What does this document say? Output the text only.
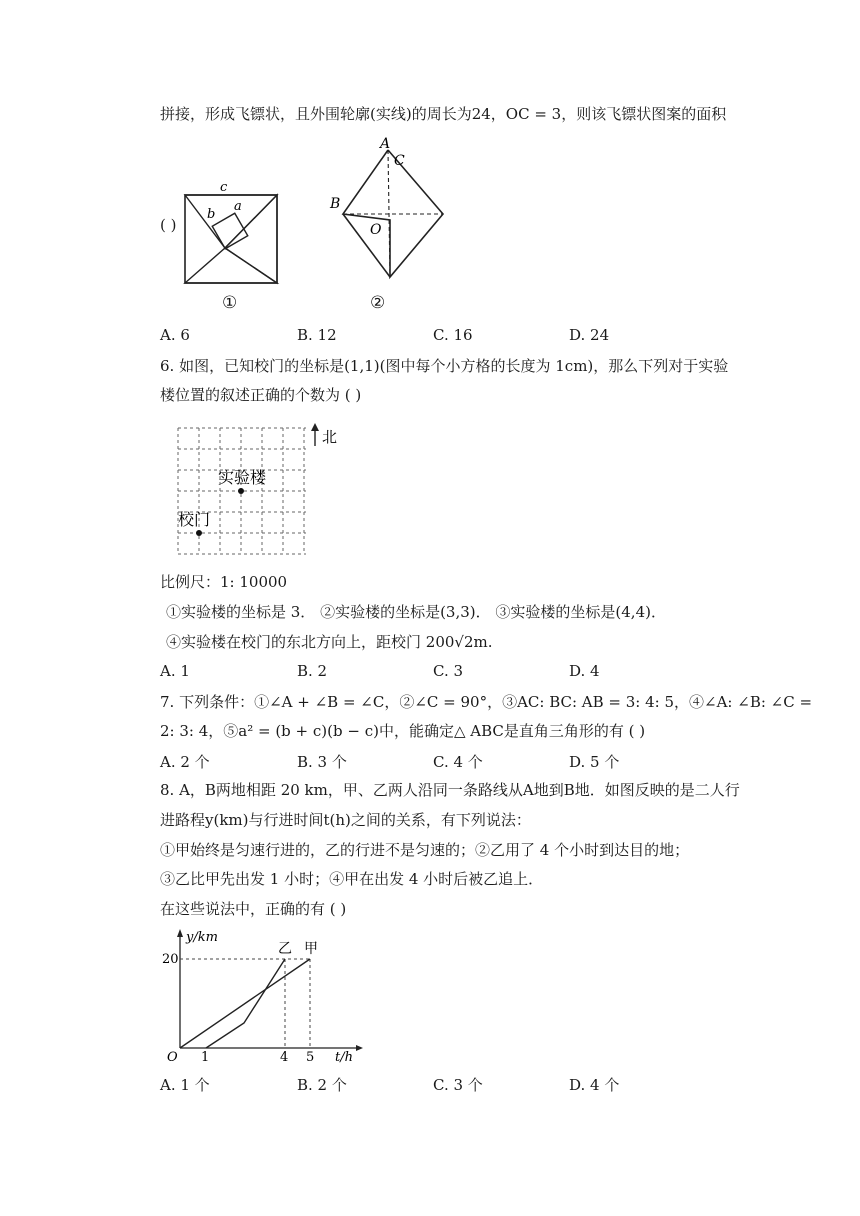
拼接，形成飞镖状，且外围轮廓(实线)的周长为24，OC = 3，则该飞镖状图案的面积
c
b
a
①
( )
A
C
B
O
②
A. 6	B. 12	C. 16	D. 24
6. 如图，已知校门的坐标是(1,1)(图中每个小方格的长度为 1cm)，那么下列对于实验
楼位置的叙述正确的个数为 ( )
北
实验楼
校门
比例尺：1: 10000
①实验楼的坐标是 3． ②实验楼的坐标是(3,3)． ③实验楼的坐标是(4,4)．
④实验楼在校门的东北方向上，距校门 200√2m.
A. 1	B. 2	C. 3	D. 4
7. 下列条件：①∠A + ∠B = ∠C，②∠C = 90°，③AC: BC: AB = 3: 4: 5，④∠A: ∠B: ∠C =
2: 3: 4，⑤a² = (b + c)(b − c)中，能确定△ ABC是直角三角形的有 ( )
A. 2 个	B. 3 个	C. 4 个	D. 5 个
8. A，B两地相距 20 km，甲、乙两人沿同一条路线从A地到B地．如图反映的是二人行
进路程y(km)与行进时间t(h)之间的关系，有下列说法：
①甲始终是匀速行进的，乙的行进不是匀速的；②乙用了 4 个小时到达目的地；
③乙比甲先出发 1 小时；④甲在出发 4 小时后被乙追上．
在这些说法中，正确的有 ( )
y/km
t/h
20
O 1	4 5
乙 甲
A. 1 个	B. 2 个	C. 3 个	D. 4 个
